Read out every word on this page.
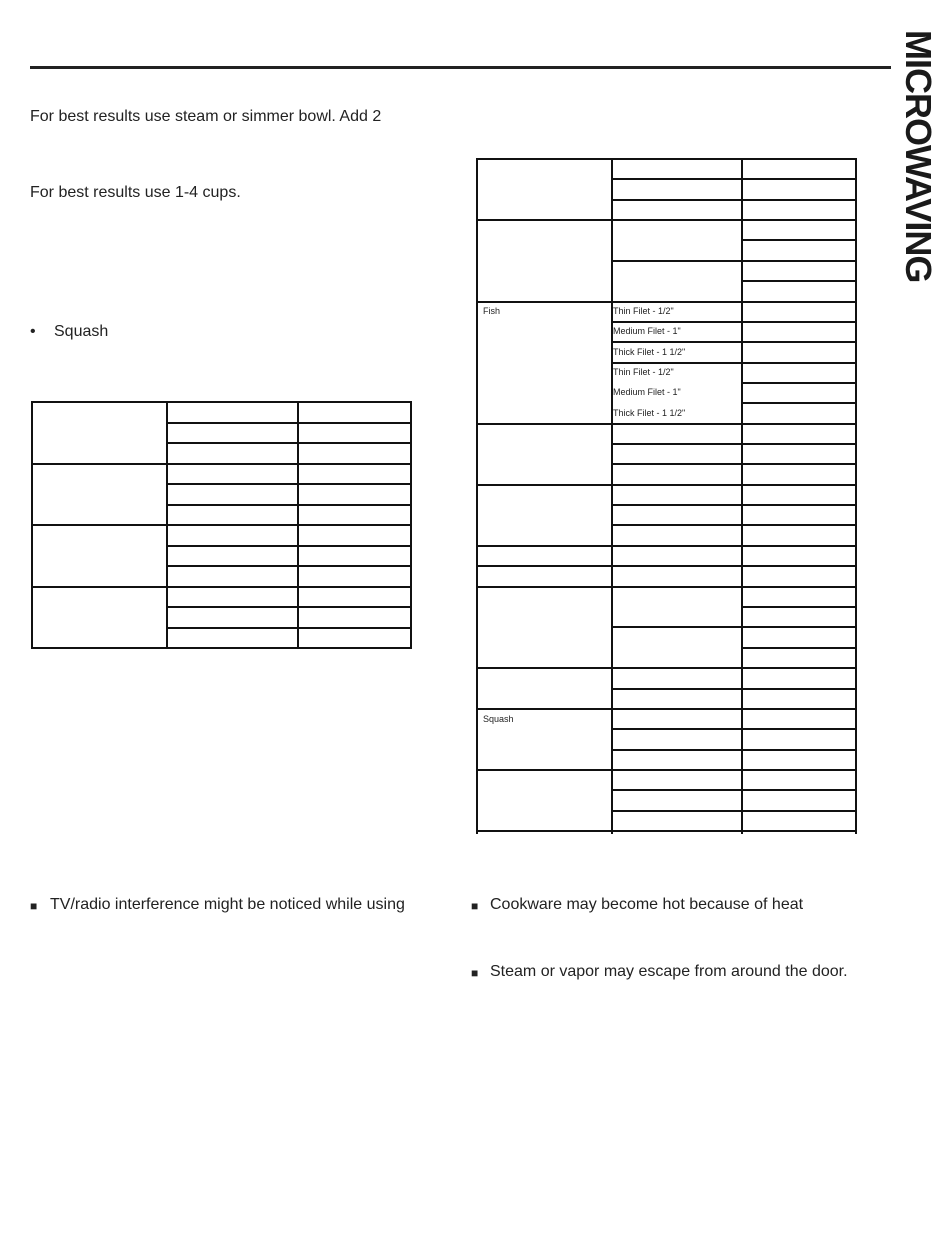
MICROWAVING
For best results use steam or simmer bowl. Add 2
For best results use 1-4 cups.
• Squash
Fish	Thin Filet - 1/2"
Medium Filet - 1"
Thick Filet - 1 1/2"
Thin Filet - 1/2"
Medium Filet - 1"
Thick Filet - 1 1/2"
Squash
■ TV/radio interference might be noticed while using	■ Cookware may become hot because of heat
■ Steam or vapor may escape from around the door.
